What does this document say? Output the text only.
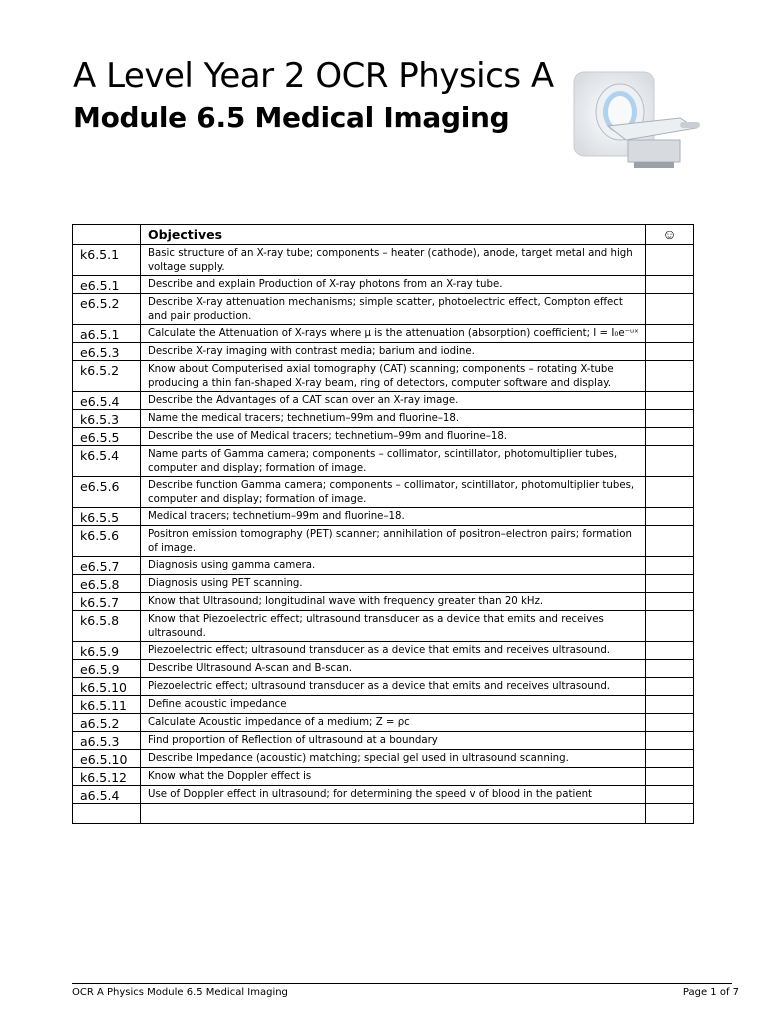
A Level Year 2 OCR Physics A
Module 6.5 Medical Imaging
	Objectives	☺
k6.5.1	Basic structure of an X-ray tube; components – heater (cathode), anode, target metal and high voltage supply.	
e6.5.1	Describe and explain Production of X-ray photons from an X-ray tube.	
e6.5.2	Describe X-ray attenuation mechanisms; simple scatter, photoelectric effect, Compton effect and pair production.	
a6.5.1	Calculate the Attenuation of X-rays where μ is the attenuation (absorption) coefficient; I = I₀e⁻ᵘˣ	
e6.5.3	Describe X-ray imaging with contrast media; barium and iodine.	
k6.5.2	Know about Computerised axial tomography (CAT) scanning; components – rotating X-tube producing a thin fan-shaped X-ray beam, ring of detectors, computer software and display.	
e6.5.4	Describe the Advantages of a CAT scan over an X-ray image.	
k6.5.3	Name the medical tracers; technetium–99m and fluorine–18.	
e6.5.5	Describe the use of Medical tracers; technetium–99m and fluorine–18.	
k6.5.4	Name parts of Gamma camera; components – collimator, scintillator, photomultiplier tubes, computer and display; formation of image.	
e6.5.6	Describe function Gamma camera; components – collimator, scintillator, photomultiplier tubes, computer and display; formation of image.	
k6.5.5	Medical tracers; technetium–99m and fluorine–18.	
k6.5.6	Positron emission tomography (PET) scanner; annihilation of positron–electron pairs; formation of image.	
e6.5.7	Diagnosis using gamma camera.	
e6.5.8	Diagnosis using PET scanning.	
k6.5.7	Know that Ultrasound; longitudinal wave with frequency greater than 20 kHz.	
k6.5.8	Know that Piezoelectric effect; ultrasound transducer as a device that emits and receives ultrasound.	
k6.5.9	Piezoelectric effect; ultrasound transducer as a device that emits and receives ultrasound.	
e6.5.9	Describe Ultrasound A-scan and B-scan.	
k6.5.10	Piezoelectric effect; ultrasound transducer as a device that emits and receives ultrasound.	
k6.5.11	Define acoustic impedance	
a6.5.2	Calculate Acoustic impedance of a medium; Z = ρc	
a6.5.3	Find proportion of Reflection of ultrasound at a boundary	
e6.5.10	Describe Impedance (acoustic) matching; special gel used in ultrasound scanning.	
k6.5.12	Know what the Doppler effect is	
a6.5.4	Use of Doppler effect in ultrasound; for determining the speed v of blood in the patient	

OCR A Physics Module 6.5 Medical Imaging	Page 1 of 7
